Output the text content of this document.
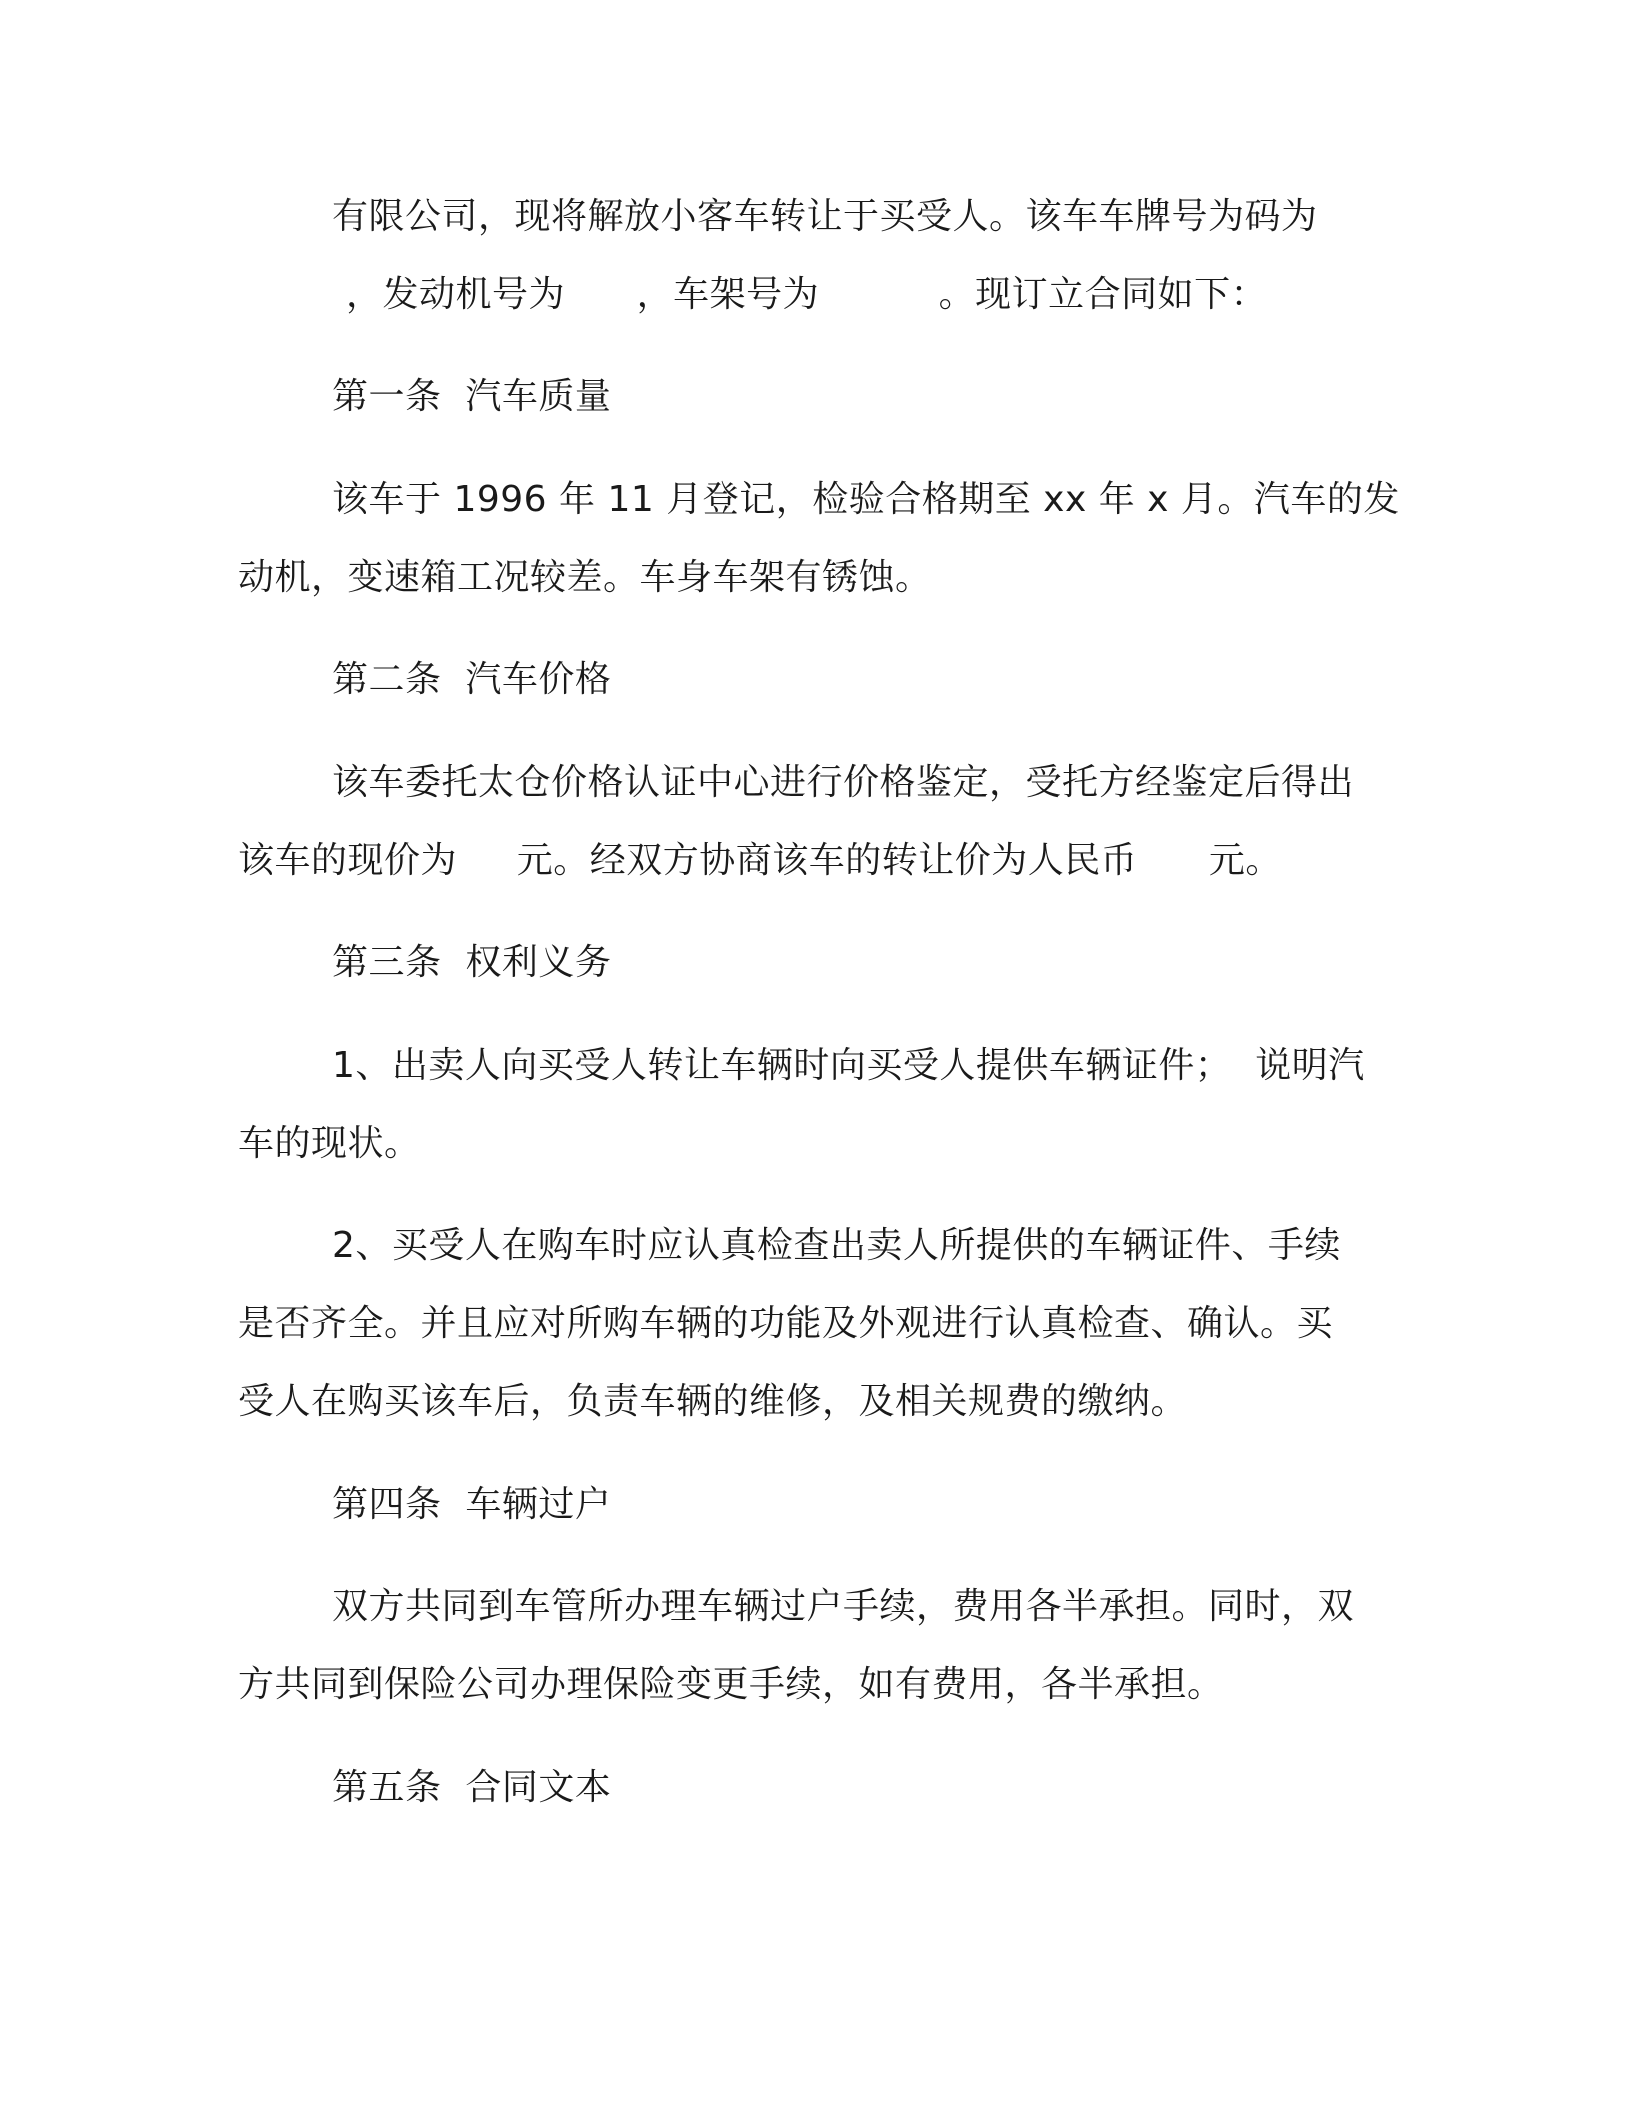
有限公司，现将解放小客车转让于买受人。该车车牌号为码为

，发动机号为      ，车架号为          。现订立合同如下：

第一条  汽车质量

该车于 1996 年 11 月登记，检验合格期至 xx 年 x 月。汽车的发

动机，变速箱工况较差。车身车架有锈蚀。

第二条  汽车价格

该车委托太仓价格认证中心进行价格鉴定，受托方经鉴定后得出

该车的现价为     元。经双方协商该车的转让价为人民币      元。

第三条  权利义务

1、出卖人向买受人转让车辆时向买受人提供车辆证件；  说明汽

车的现状。

2、买受人在购车时应认真检查出卖人所提供的车辆证件、手续

是否齐全。并且应对所购车辆的功能及外观进行认真检查、确认。买

受人在购买该车后，负责车辆的维修，及相关规费的缴纳。

第四条  车辆过户

双方共同到车管所办理车辆过户手续，费用各半承担。同时，双

方共同到保险公司办理保险变更手续，如有费用，各半承担。

第五条  合同文本
